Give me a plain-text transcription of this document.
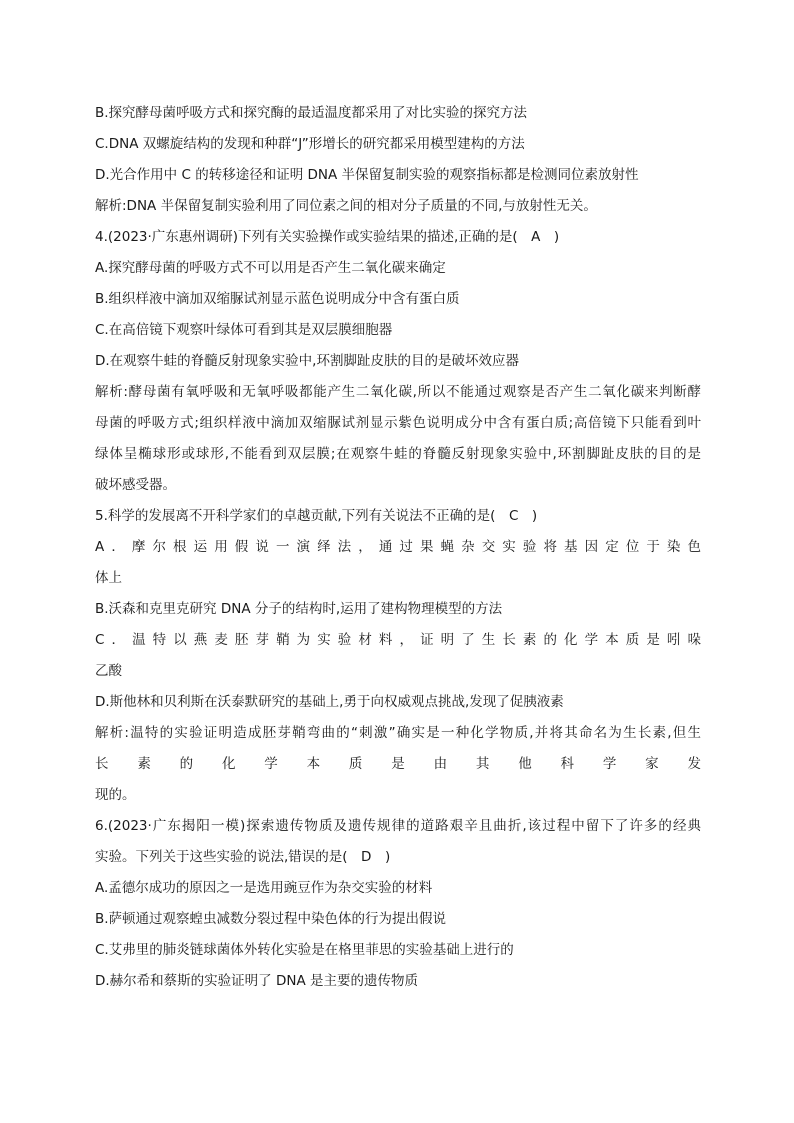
B.探究酵母菌呼吸方式和探究酶的最适温度都采用了对比实验的探究方法
C.DNA 双螺旋结构的发现和种群“J”形增长的研究都采用模型建构的方法
D.光合作用中 C 的转移途径和证明 DNA 半保留复制实验的观察指标都是检测同位素放射性
解析:DNA 半保留复制实验利用了同位素之间的相对分子质量的不同,与放射性无关。
4.(2023·广东惠州调研)下列有关实验操作或实验结果的描述,正确的是(　A　)
A.探究酵母菌的呼吸方式不可以用是否产生二氧化碳来确定
B.组织样液中滴加双缩脲试剂显示蓝色说明成分中含有蛋白质
C.在高倍镜下观察叶绿体可看到其是双层膜细胞器
D.在观察牛蛙的脊髓反射现象实验中,环割脚趾皮肤的目的是破坏效应器
解析:酵母菌有氧呼吸和无氧呼吸都能产生二氧化碳,所以不能通过观察是否产生二氧化碳来判断酵
母菌的呼吸方式;组织样液中滴加双缩脲试剂显示紫色说明成分中含有蛋白质;高倍镜下只能看到叶
绿体呈椭球形或球形,不能看到双层膜;在观察牛蛙的脊髓反射现象实验中,环割脚趾皮肤的目的是
破坏感受器。
5.科学的发展离不开科学家们的卓越贡献,下列有关说法不正确的是(　C　)
A．摩尔根运用假说一演绎法，通过果蝇杂交实验将基因定位于染色
体上
B.沃森和克里克研究 DNA 分子的结构时,运用了建构物理模型的方法
C．温特以燕麦胚芽鞘为实验材料，证明了生长素的化学本质是吲哚
乙酸
D.斯他林和贝利斯在沃泰默研究的基础上,勇于向权威观点挑战,发现了促胰液素
解析:温特的实验证明造成胚芽鞘弯曲的“刺激”确实是一种化学物质,并将其命名为生长素,但生
长素的化学本质是由其他科学家发
现的。
6.(2023·广东揭阳一模)探索遗传物质及遗传规律的道路艰辛且曲折,该过程中留下了许多的经典
实验。下列关于这些实验的说法,错误的是(　D　)
A.孟德尔成功的原因之一是选用豌豆作为杂交实验的材料
B.萨顿通过观察蝗虫减数分裂过程中染色体的行为提出假说
C.艾弗里的肺炎链球菌体外转化实验是在格里菲思的实验基础上进行的
D.赫尔希和蔡斯的实验证明了 DNA 是主要的遗传物质
